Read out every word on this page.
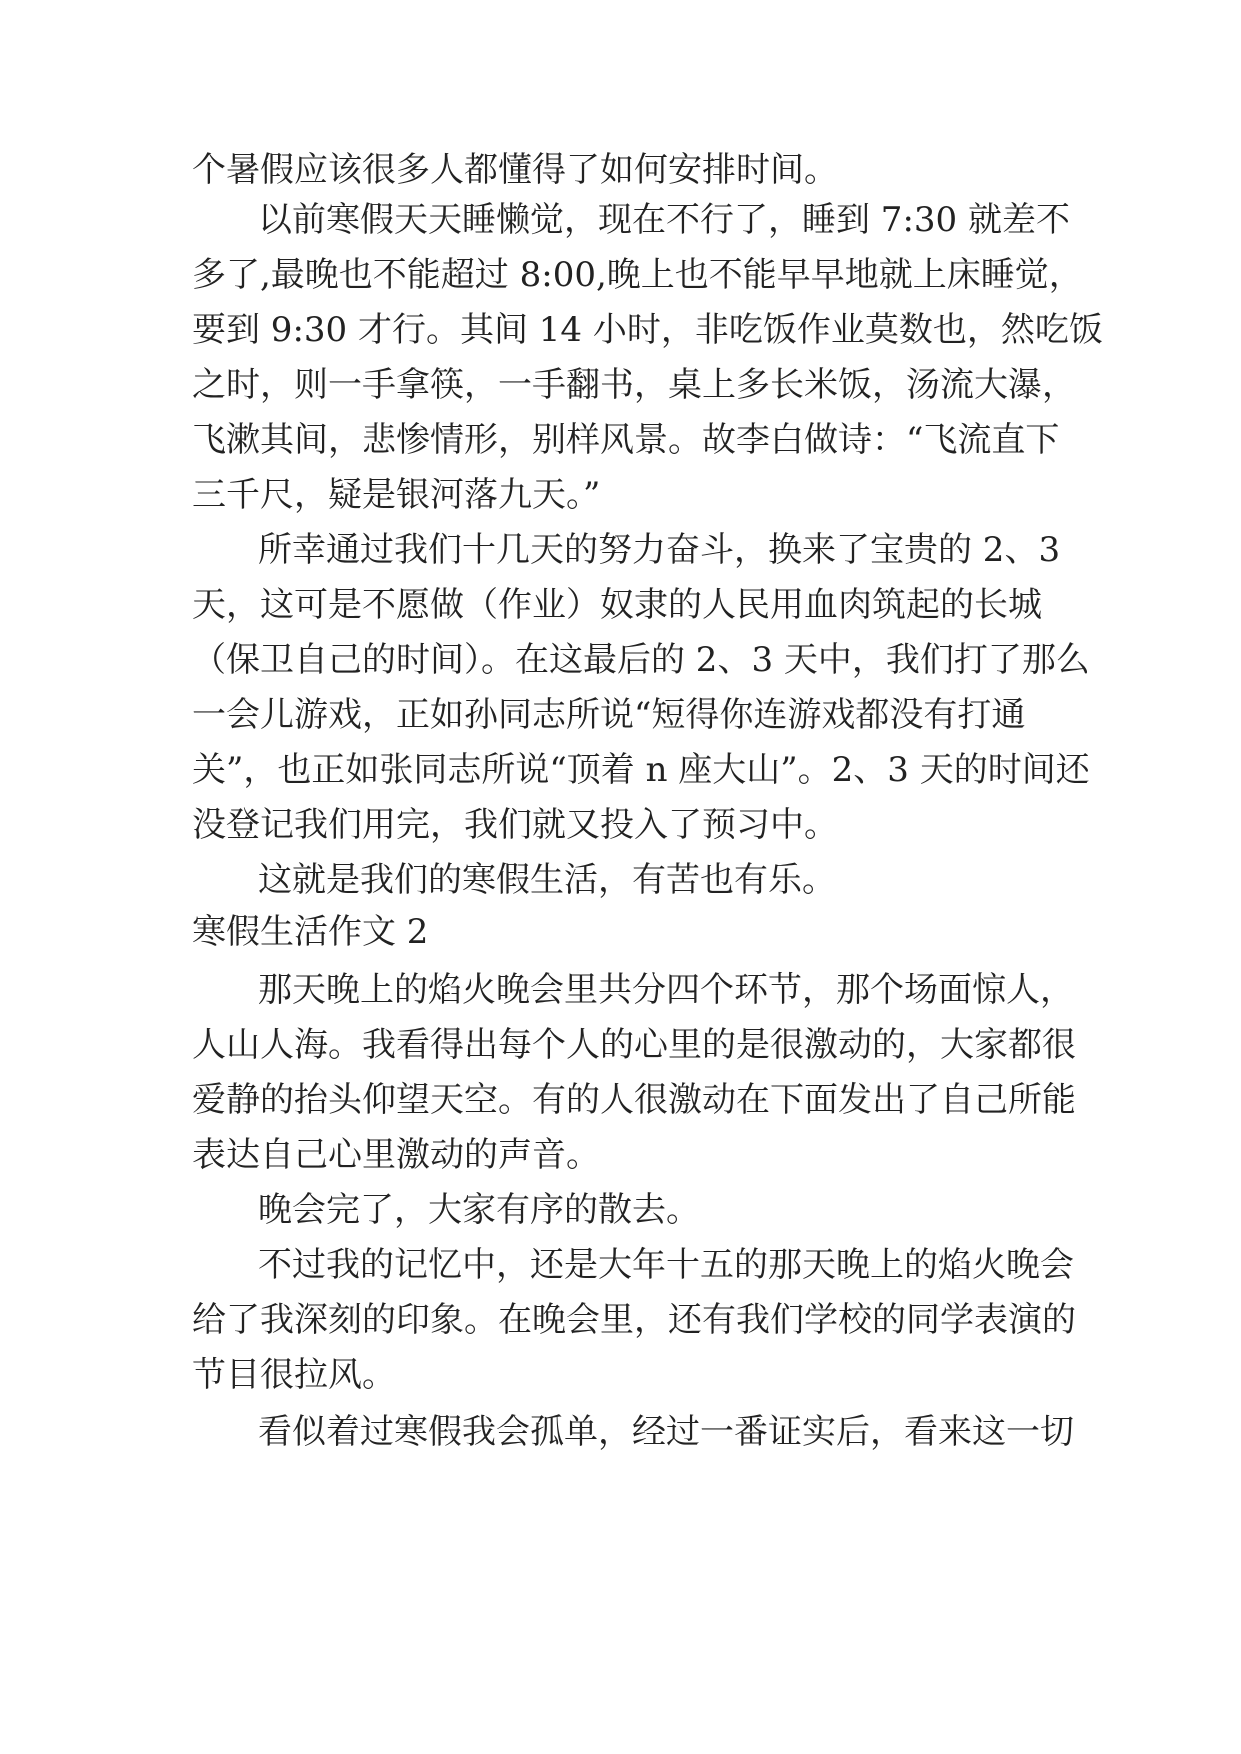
个暑假应该很多人都懂得了如何安排时间。
以前寒假天天睡懒觉，现在不行了，睡到 7:30 就差不
多了,最晚也不能超过 8:00,晚上也不能早早地就上床睡觉，
要到 9:30 才行。其间 14 小时，非吃饭作业莫数也，然吃饭
之时，则一手拿筷，一手翻书，桌上多长米饭，汤流大瀑，
飞漱其间，悲惨情形，别样风景。故李白做诗：“飞流直下
三千尺，疑是银河落九天。”
所幸通过我们十几天的努力奋斗，换来了宝贵的 2、3
天，这可是不愿做（作业）奴隶的人民用血肉筑起的长城
（保卫自己的时间）。在这最后的 2、3 天中，我们打了那么
一会儿游戏，正如孙同志所说“短得你连游戏都没有打通
关”，也正如张同志所说“顶着 n 座大山”。2、3 天的时间还
没登记我们用完，我们就又投入了预习中。
这就是我们的寒假生活，有苦也有乐。
寒假生活作文 2
那天晚上的焰火晚会里共分四个环节，那个场面惊人，
人山人海。我看得出每个人的心里的是很激动的，大家都很
爱静的抬头仰望天空。有的人很激动在下面发出了自己所能
表达自己心里激动的声音。
晚会完了，大家有序的散去。
不过我的记忆中，还是大年十五的那天晚上的焰火晚会
给了我深刻的印象。在晚会里，还有我们学校的同学表演的
节目很拉风。
看似着过寒假我会孤单，经过一番证实后，看来这一切
